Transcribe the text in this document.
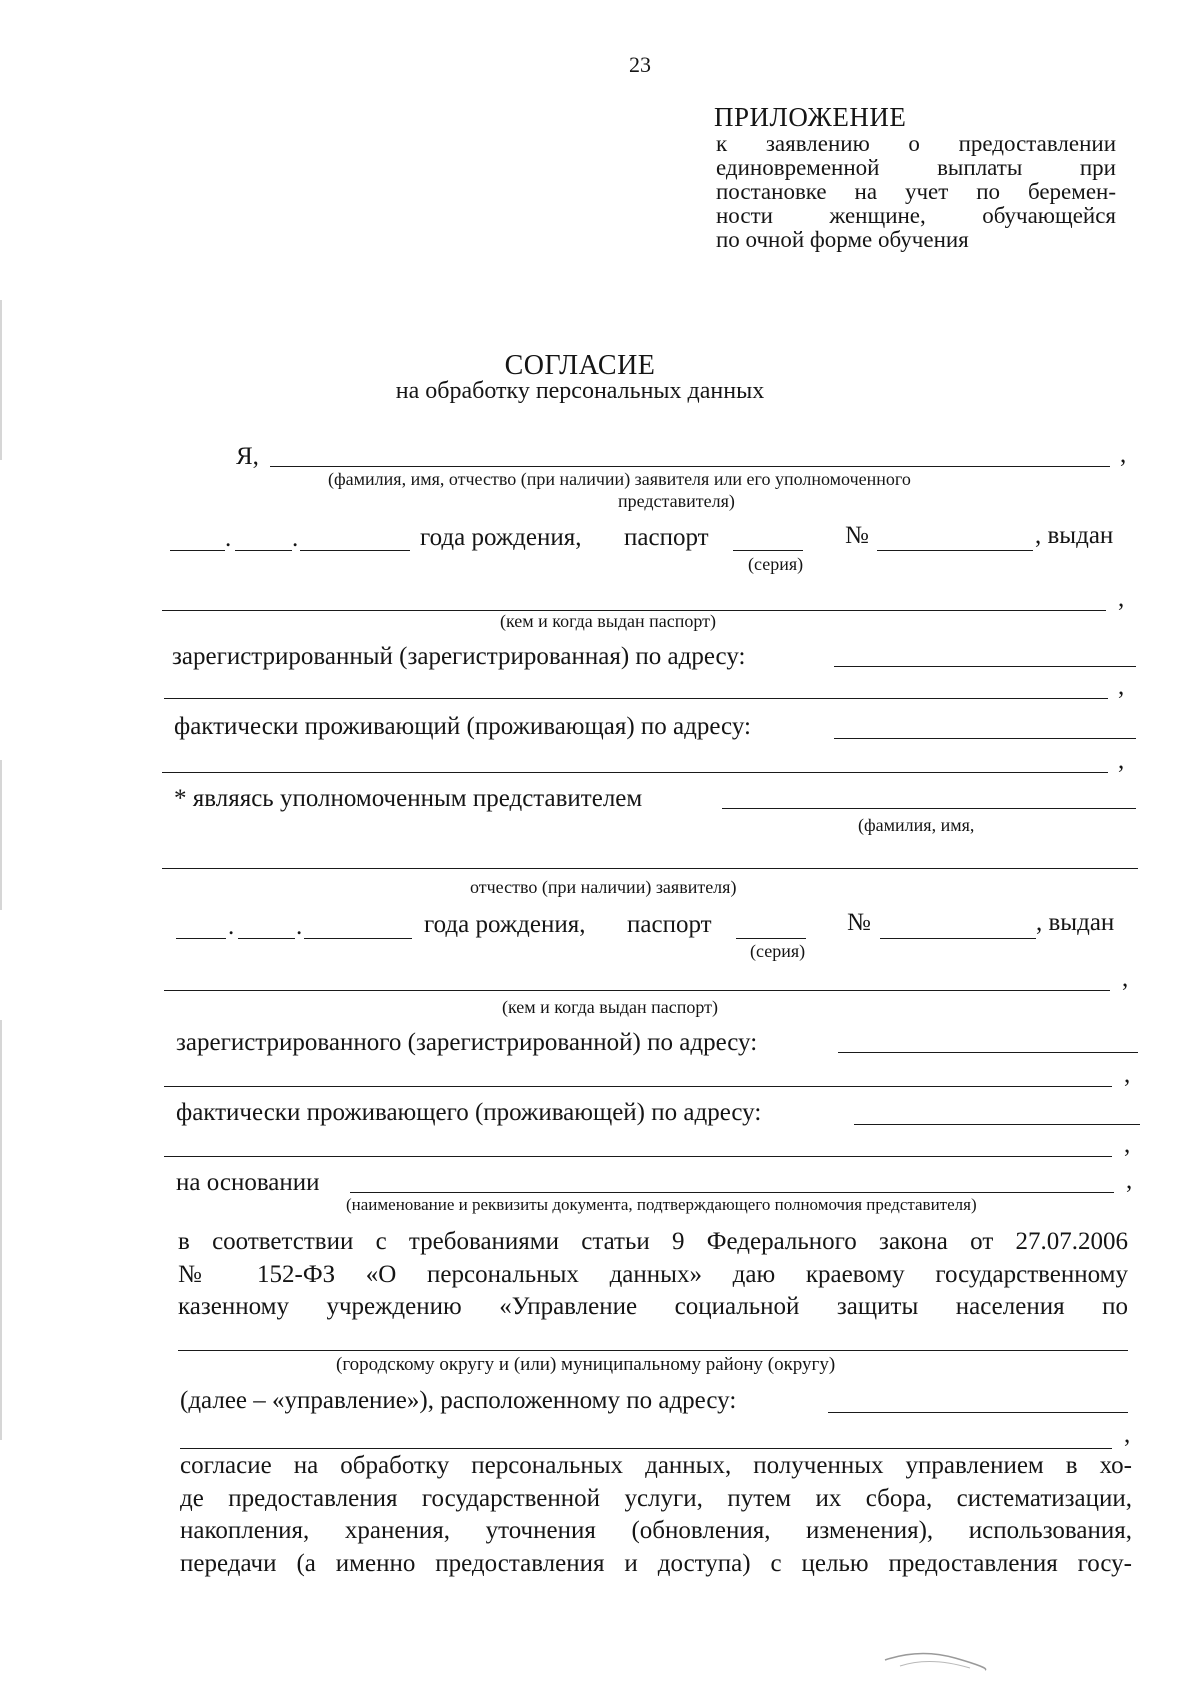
23
ПРИЛОЖЕНИЕ
к заявлению о предоставлении
единовременной выплаты при
постановке на учет по беремен-
ности женщине, обучающейся
по очной форме обучения
СОГЛАСИЕ
на обработку персональных данных
Я,	,
(фамилия, имя, отчество (при наличии) заявителя или его уполномоченного
представителя)
. .	года рождения, паспорт	№	, выдан
(серия)
,
(кем и когда выдан паспорт)
зарегистрированный (зарегистрированная) по адресу:
,
фактически проживающий (проживающая) по адресу:
,
* являясь уполномоченным представителем
(фамилия, имя,
отчество (при наличии) заявителя)
. .	года рождения, паспорт	№	, выдан
(серия)
,
(кем и когда выдан паспорт)
зарегистрированного (зарегистрированной) по адресу:
,
фактически проживающего (проживающей) по адресу:
,
на основании	,
(наименование и реквизиты документа, подтверждающего полномочия представителя)
в соответствии с требованиями статьи 9 Федерального закона от 27.07.2006
№ 152-ФЗ «О персональных данных» даю краевому государственному
казенному учреждению «Управление социальной защиты населения по
(городскому округу и (или) муниципальному району (округу)
(далее – «управление»), расположенному по адресу:
,
согласие на обработку персональных данных, полученных управлением в хо-
де предоставления государственной услуги, путем их сбора, систематизации,
накопления, хранения, уточнения (обновления, изменения), использования,
передачи (а именно предоставления и доступа) с целью предоставления госу-
